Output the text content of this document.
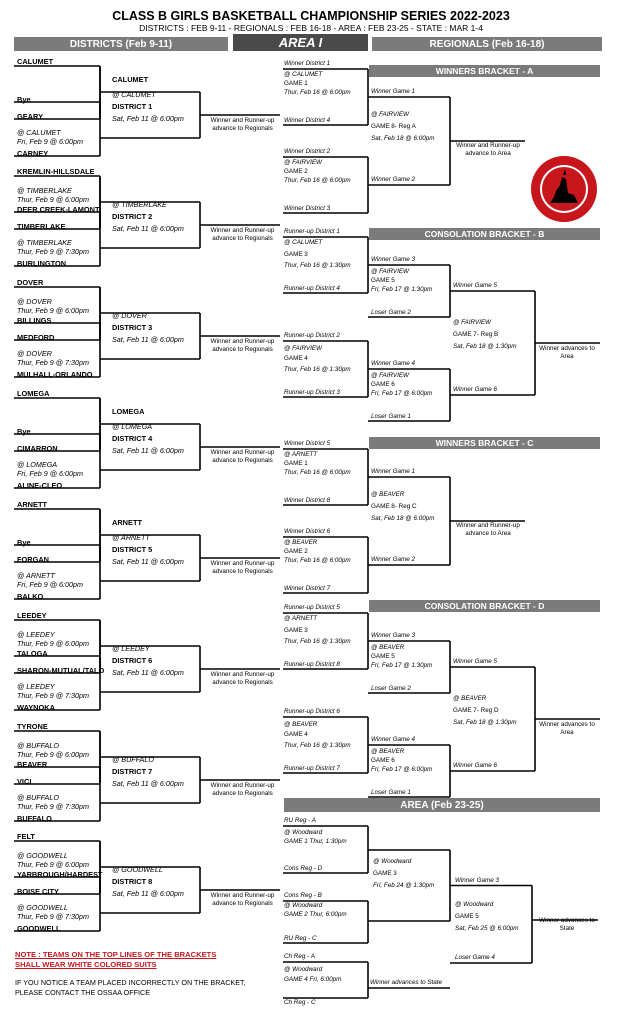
CLASS B GIRLS BASKETBALL CHAMPIONSHIP SERIES 2022-2023
DISTRICTS : FEB 9-11 - REGIONALS : FEB 16-18 - AREA : FEB 23-25 - STATE : MAR 1-4
DISTRICTS (Feb 9-11)	AREA I	REGIONALS (Feb 16-18)
WINNERS BRACKET - A
CONSOLATION BRACKET - B
WINNERS BRACKET - C
CONSOLATION BRACKET - D
AREA (Feb 23-25)
CALUMET
Bye
GEARY
@ CALUMET
Fri, Feb 9 @ 6:00pm
CARNEY
CALUMET
@ CALUMET
DISTRICT 1
Sat, Feb 11 @ 6:00pm	Winner and Runner-up advance to Regionals
KREMLIN-HILLSDALE
@ TIMBERLAKE
Thur, Feb 9 @ 6:00pm
DEER CREEK-LAMONT
TIMBERLAKE
@ TIMBERLAKE
Thur, Feb 9 @ 7:30pm
BURLINGTON
@ TIMBERLAKE
DISTRICT 2
Sat, Feb 11 @ 6:00pm	Winner and Runner-up advance to Regionals
DOVER
@ DOVER
Thur, Feb 9 @ 6:00pm
BILLINGS
MEDFORD
@ DOVER
Thur, Feb 9 @ 7:30pm
MULHALL-ORLANDO
@ DOVER
DISTRICT 3
Sat, Feb 11 @ 6:00pm	Winner and Runner-up advance to Regionals
LOMEGA
Bye
CIMARRON
@ LOMEGA
Fri, Feb 9 @ 6:00pm
ALINE-CLEO
LOMEGA
@ LOMEGA
DISTRICT 4
Sat, Feb 11 @ 6:00pm	Winner and Runner-up advance to Regionals
ARNETT
Bye
FORGAN
@ ARNETT
Fri, Feb 9 @ 6:00pm
BALKO
ARNETT
@ ARNETT
DISTRICT 5
Sat, Feb 11 @ 6:00pm	Winner and Runner-up advance to Regionals
LEEDEY
@ LEEDEY
Thur, Feb 9 @ 6:00pm
TALOGA
SHARON-MUTUAL/TALO
@ LEEDEY
Thur, Feb 9 @ 7:30pm
WAYNOKA
@ LEEDEY
DISTRICT 6
Sat, Feb 11 @ 6:00pm	Winner and Runner-up advance to Regionals
TYRONE
@ BUFFALO
Thur, Feb 9 @ 6:00pm
BEAVER
VICI
@ BUFFALO
Thur, Feb 9 @ 7:30pm
BUFFALO
@ BUFFALO
DISTRICT 7
Sat, Feb 11 @ 6:00pm	Winner and Runner-up advance to Regionals
FELT
@ GOODWELL
Thur, Feb 9 @ 6:00pm
YARBROUGH/HARDEST
BOISE CITY
@ GOODWELL
Thur, Feb 9 @ 7:30pm
GOODWELL
@ GOODWELL
DISTRICT 8
Sat, Feb 11 @ 6:00pm	Winner and Runner-up advance to Regionals
Winner District 1
@ CALUMET
GAME 1
Thur, Feb 16 @ 6:00pm
Winner District 4
Winner District 2
@ FAIRVIEW
GAME 2
Thur, Feb 16 @ 6:00pm
Winner District 3
Winner Game 1
@ FAIRVIEW
GAME 8- Reg A
Sat, Feb 18 @ 6:00pm
Winner Game 2
Winner and Runner-up advance to Area
Runner-up District 1
@ CALUMET
GAME 3
Thur, Feb 16 @ 1:30pm
Runner-up District 4
Runner-up District 2
@ FAIRVIEW
GAME 4
Thur, Feb 16 @ 1:30pm
Runner-up District 3
Winner Game 3
@ FAIRVIEW
GAME 5
Fri, Feb 17 @ 1:30pm
Loser Game 2
Winner Game 4
@ FAIRVIEW
GAME 6
Fri, Feb 17 @ 6:00pm
Loser Game 1
Winner Game 5
@ FAIRVIEW
GAME 7- Reg B
Sat, Feb 18 @ 1:30pm
Winner Game 6
Winner advances to Area
Winner District 5
@ ARNETT
GAME 1
Thur, Feb 16 @ 6:00pm
Winner District 8
Winner District 6
@ BEAVER
GAME 2
Thur, Feb 16 @ 6:00pm
Winner District 7
Winner Game 1
@ BEAVER
GAME 8- Reg C
Sat, Feb 18 @ 6:00pm
Winner Game 2
Winner and Runner-up advance to Area
Runner-up District 5
@ ARNETT
GAME 3
Thur, Feb 16 @ 1:30pm
Runner-up District 8
Runner-up District 6
@ BEAVER
GAME 4
Thur, Feb 16 @ 1:30pm
Runner-up District 7
Winner Game 3
@ BEAVER
GAME 5
Fri, Feb 17 @ 1:30pm
Loser Game 2
Winner Game 4
@ BEAVER
GAME 6
Fri, Feb 17 @ 6:00pm
Loser Game 1
Winner Game 5
@ BEAVER
GAME 7- Reg D
Sat, Feb 18 @ 1:30pm
Winner Game 6
Winner advances to Area
RU Reg - A
@ Woodward
GAME 1 Thur, 1:30pm
Cons Reg - D
Cons Reg - B
@ Woodward
GAME 2 Thur, 6:00pm
RU Reg - C
@ Woodward
GAME 3
Fri, Feb 24 @ 1:30pm
Winner Game 3
@ Woodward
GAME 5
Sat, Feb 25 @ 6:00pm
Loser Game 4
Winner advances to State
Ch Reg - A
@ Woodward
GAME 4 Fri, 6:00pm
Ch Reg - C
Winner advances to State
NOTE : TEAMS ON THE TOP LINES OF THE BRACKETS
SHALL WEAR WHITE COLORED SUITS
IF YOU NOTICE A TEAM PLACED INCORRECTLY ON THE BRACKET,
PLEASE CONTACT THE OSSAA OFFICE
